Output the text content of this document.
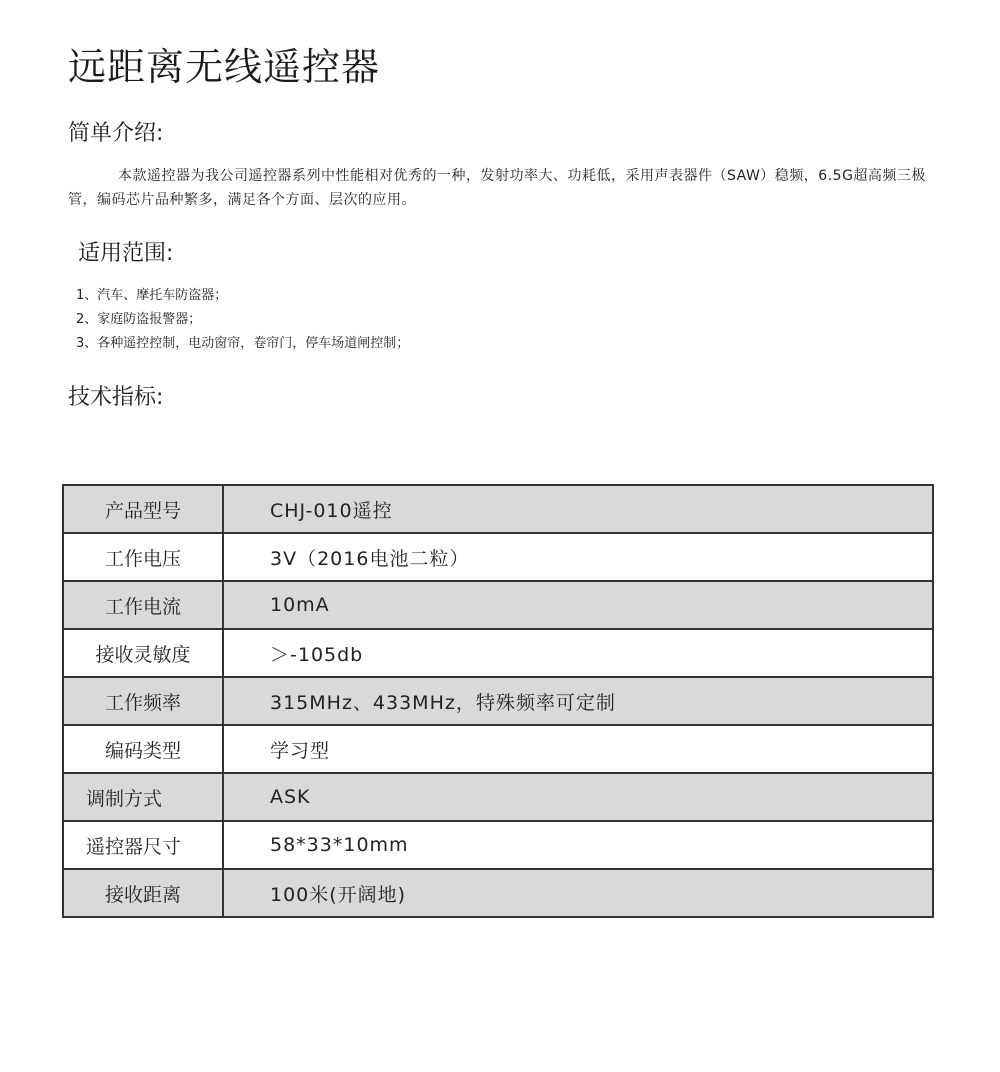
远距离无线遥控器
简单介绍:

本款遥控器为我公司遥控器系列中性能相对优秀的一种，发射功率大、功耗低，采用声表器件（SAW）稳频，6.5G超高频三极管，编码芯片品种繁多，满足各个方面、层次的应用。

适用范围:
1、汽车、摩托车防盗器；
2、家庭防盗报警器；
3、各种遥控控制，电动窗帘，卷帘门，停车场道闸控制；
技术指标:
产品型号	CHJ-010遥控
工作电压	3V（2016电池二粒）
工作电流	10mA
接收灵敏度	＞-105db
工作频率	315MHz、433MHz，特殊频率可定制
编码类型	学习型
调制方式	ASK
遥控器尺寸	58*33*10mm
接收距离	100米(开阔地)
